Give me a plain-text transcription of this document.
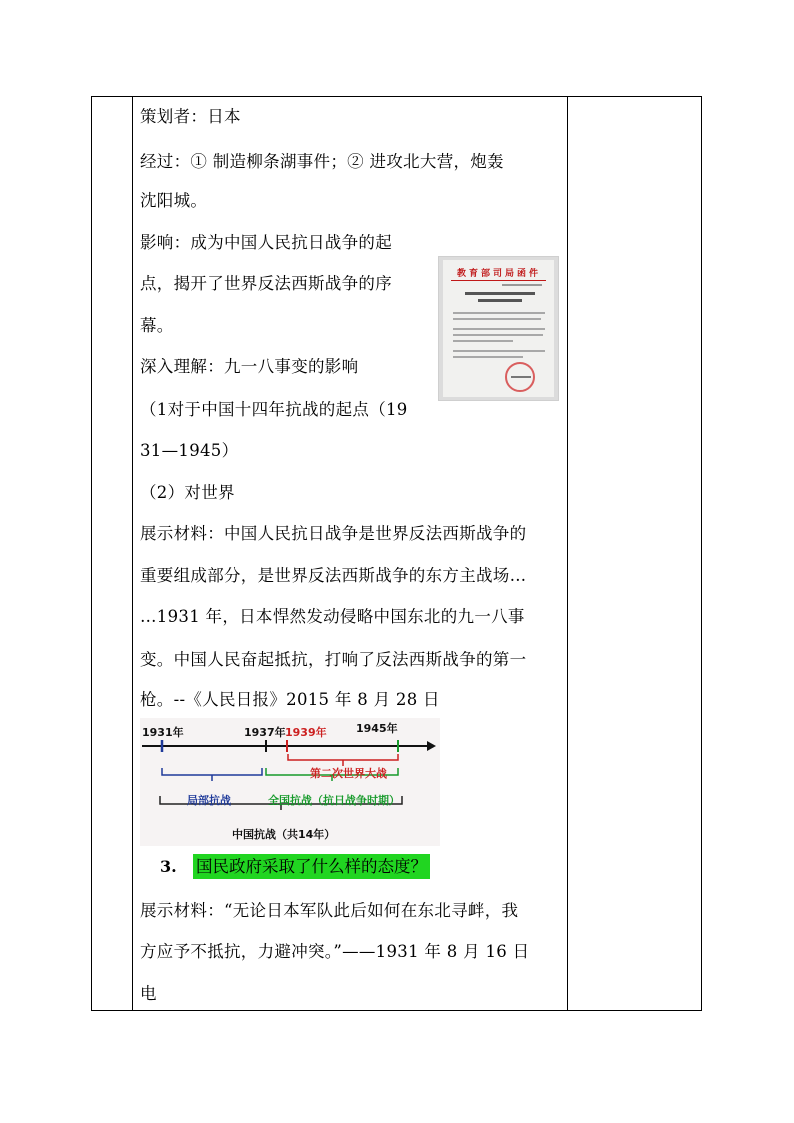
策划者：日本
经过：① 制造柳条湖事件；② 进攻北大营，炮轰
沈阳城。
影响：成为中国人民抗日战争的起
点，揭开了世界反法西斯战争的序
幕。
深入理解：九一八事变的影响
（1对于中国十四年抗战的起点（19
31—1945）
（2）对世界
展示材料：中国人民抗日战争是世界反法西斯战争的
重要组成部分，是世界反法西斯战争的东方主战场…
…1931 年，日本悍然发动侵略中国东北的九一八事
变。中国人民奋起抵抗，打响了反法西斯战争的第一
枪。--《人民日报》2015 年 8 月 28 日
教育部司局函件
1931年	1937年 1939年	1945年
第二次世界大战
局部抗战	全国抗战（抗日战争时期）
中国抗战（共14年）
3. 国民政府采取了什么样的态度？
展示材料：“无论日本军队此后如何在东北寻衅，我
方应予不抵抗，力避冲突。”——1931 年 8 月 16 日
电
